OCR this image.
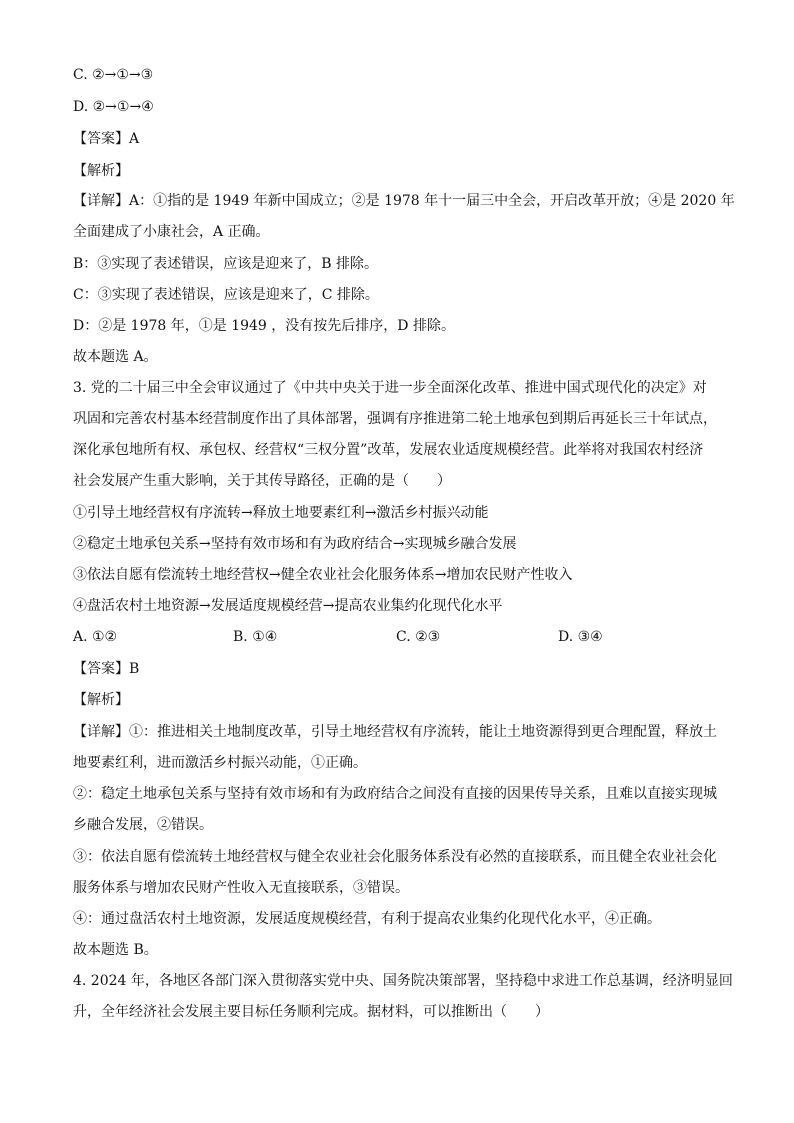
C. ②→①→③
D. ②→①→④
【答案】A
【解析】
【详解】A：①指的是 1949 年新中国成立；②是 1978 年十一届三中全会，开启改革开放；④是 2020 年
全面建成了小康社会，A 正确。
B：③实现了表述错误，应该是迎来了，B 排除。
C：③实现了表述错误，应该是迎来了，C 排除。
D：②是 1978 年，①是 1949 ，没有按先后排序，D 排除。
故本题选 A。
3. 党的二十届三中全会审议通过了《中共中央关于进一步全面深化改革、推进中国式现代化的决定》对
巩固和完善农村基本经营制度作出了具体部署，强调有序推进第二轮土地承包到期后再延长三十年试点，
深化承包地所有权、承包权、经营权“三权分置”改革，发展农业适度规模经营。此举将对我国农村经济
社会发展产生重大影响，关于其传导路径，正确的是（　　）
①引导土地经营权有序流转→释放土地要素红利→激活乡村振兴动能
②稳定土地承包关系→坚持有效市场和有为政府结合→实现城乡融合发展
③依法自愿有偿流转土地经营权→健全农业社会化服务体系→增加农民财产性收入
④盘活农村土地资源→发展适度规模经营→提高农业集约化现代化水平
A. ①②	B. ①④	C. ②③	D. ③④
【答案】B
【解析】
【详解】①：推进相关土地制度改革，引导土地经营权有序流转，能让土地资源得到更合理配置，释放土
地要素红利，进而激活乡村振兴动能，①正确。
②：稳定土地承包关系与坚持有效市场和有为政府结合之间没有直接的因果传导关系，且难以直接实现城
乡融合发展，②错误。
③：依法自愿有偿流转土地经营权与健全农业社会化服务体系没有必然的直接联系，而且健全农业社会化
服务体系与增加农民财产性收入无直接联系，③错误。
④：通过盘活农村土地资源，发展适度规模经营，有利于提高农业集约化现代化水平，④正确。
故本题选 B。
4. 2024 年，各地区各部门深入贯彻落实党中央、国务院决策部署，坚持稳中求进工作总基调，经济明显回
升，全年经济社会发展主要目标任务顺利完成。据材料，可以推断出（　　）
